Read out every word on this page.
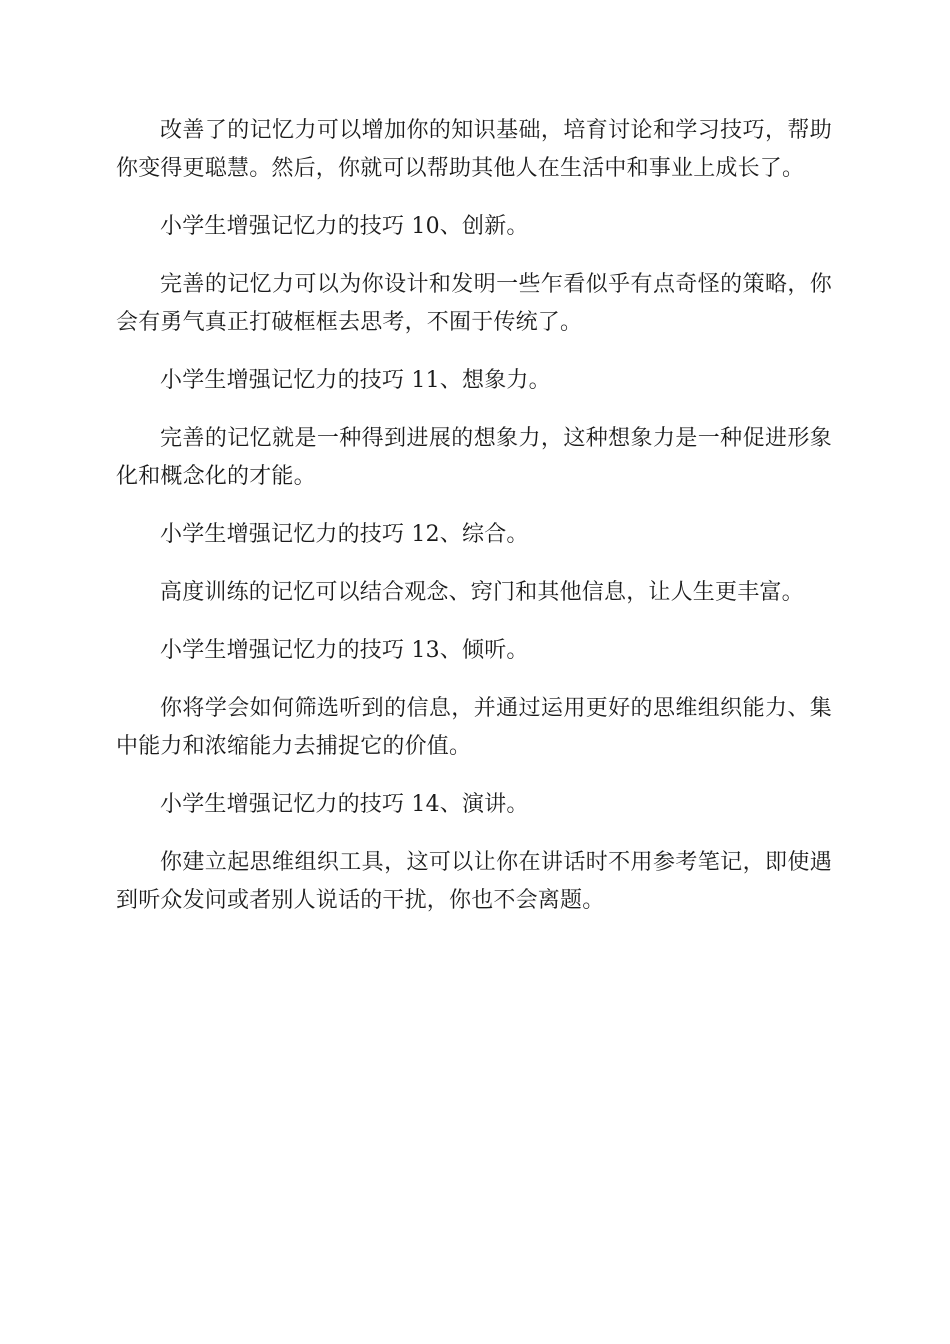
改善了的记忆力可以增加你的知识基础，培育讨论和学习技巧，帮助你变得更聪慧。然后，你就可以帮助其他人在生活中和事业上成长了。

小学生增强记忆力的技巧 10、创新。

完善的记忆力可以为你设计和发明一些乍看似乎有点奇怪的策略，你会有勇气真正打破框框去思考，不囿于传统了。

小学生增强记忆力的技巧 11、想象力。

完善的记忆就是一种得到进展的想象力，这种想象力是一种促进形象化和概念化的才能。

小学生增强记忆力的技巧 12、综合。

高度训练的记忆可以结合观念、窍门和其他信息，让人生更丰富。

小学生增强记忆力的技巧 13、倾听。

你将学会如何筛选听到的信息，并通过运用更好的思维组织能力、集中能力和浓缩能力去捕捉它的价值。

小学生增强记忆力的技巧 14、演讲。

你建立起思维组织工具，这可以让你在讲话时不用参考笔记，即使遇到听众发问或者别人说话的干扰，你也不会离题。
